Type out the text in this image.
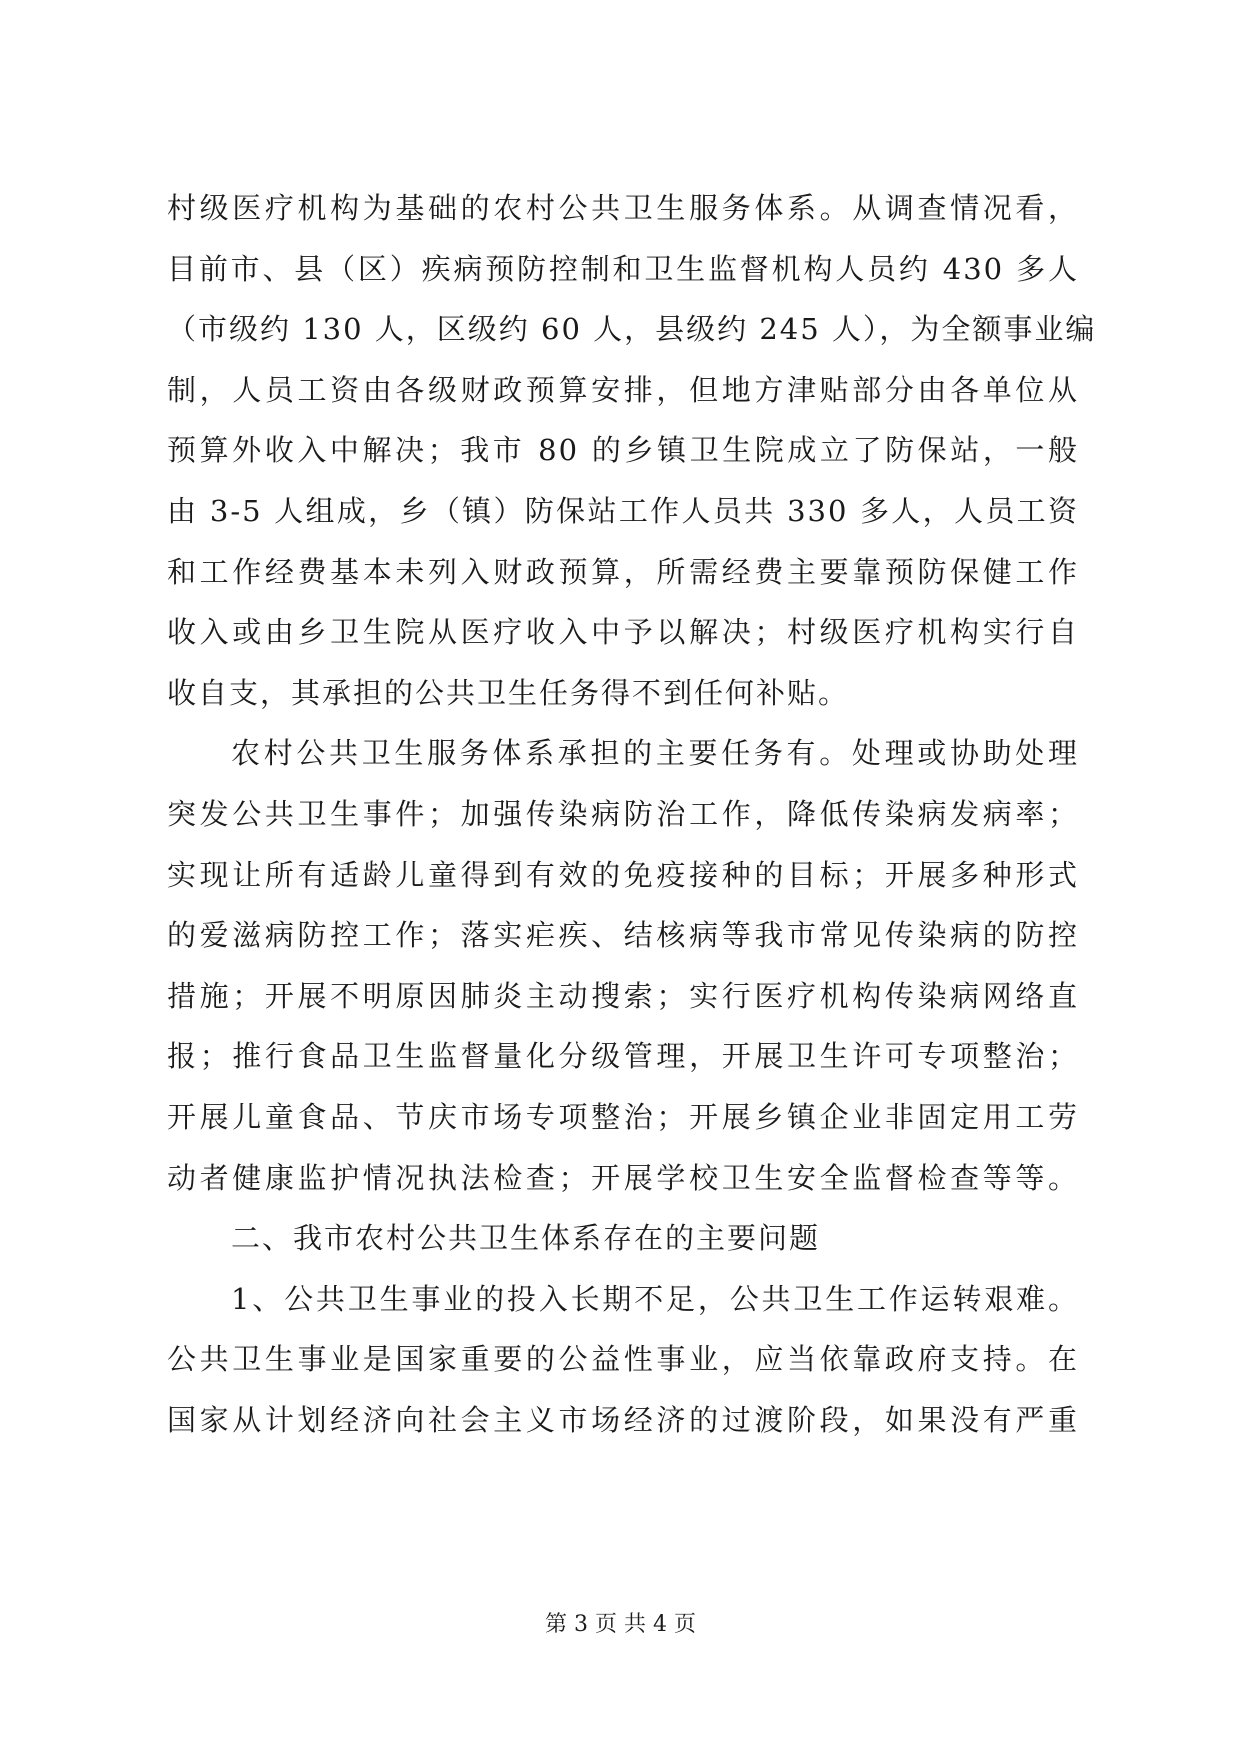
村级医疗机构为基础的农村公共卫生服务体系。从调查情况看，
目前市、县（区）疾病预防控制和卫生监督机构人员约 430 多人
（市级约 130 人，区级约 60 人，县级约 245 人），为全额事业编
制，人员工资由各级财政预算安排，但地方津贴部分由各单位从
预算外收入中解决；我市 80 的乡镇卫生院成立了防保站，一般
由 3-5 人组成，乡（镇）防保站工作人员共 330 多人，人员工资
和工作经费基本未列入财政预算，所需经费主要靠预防保健工作
收入或由乡卫生院从医疗收入中予以解决；村级医疗机构实行自
收自支，其承担的公共卫生任务得不到任何补贴。
农村公共卫生服务体系承担的主要任务有。处理或协助处理
突发公共卫生事件；加强传染病防治工作，降低传染病发病率；
实现让所有适龄儿童得到有效的免疫接种的目标；开展多种形式
的爱滋病防控工作；落实疟疾、结核病等我市常见传染病的防控
措施；开展不明原因肺炎主动搜索；实行医疗机构传染病网络直
报；推行食品卫生监督量化分级管理，开展卫生许可专项整治；
开展儿童食品、节庆市场专项整治；开展乡镇企业非固定用工劳
动者健康监护情况执法检查；开展学校卫生安全监督检查等等。
二、我市农村公共卫生体系存在的主要问题
1、公共卫生事业的投入长期不足，公共卫生工作运转艰难。
公共卫生事业是国家重要的公益性事业，应当依靠政府支持。在
国家从计划经济向社会主义市场经济的过渡阶段，如果没有严重
第 3 页 共 4 页
